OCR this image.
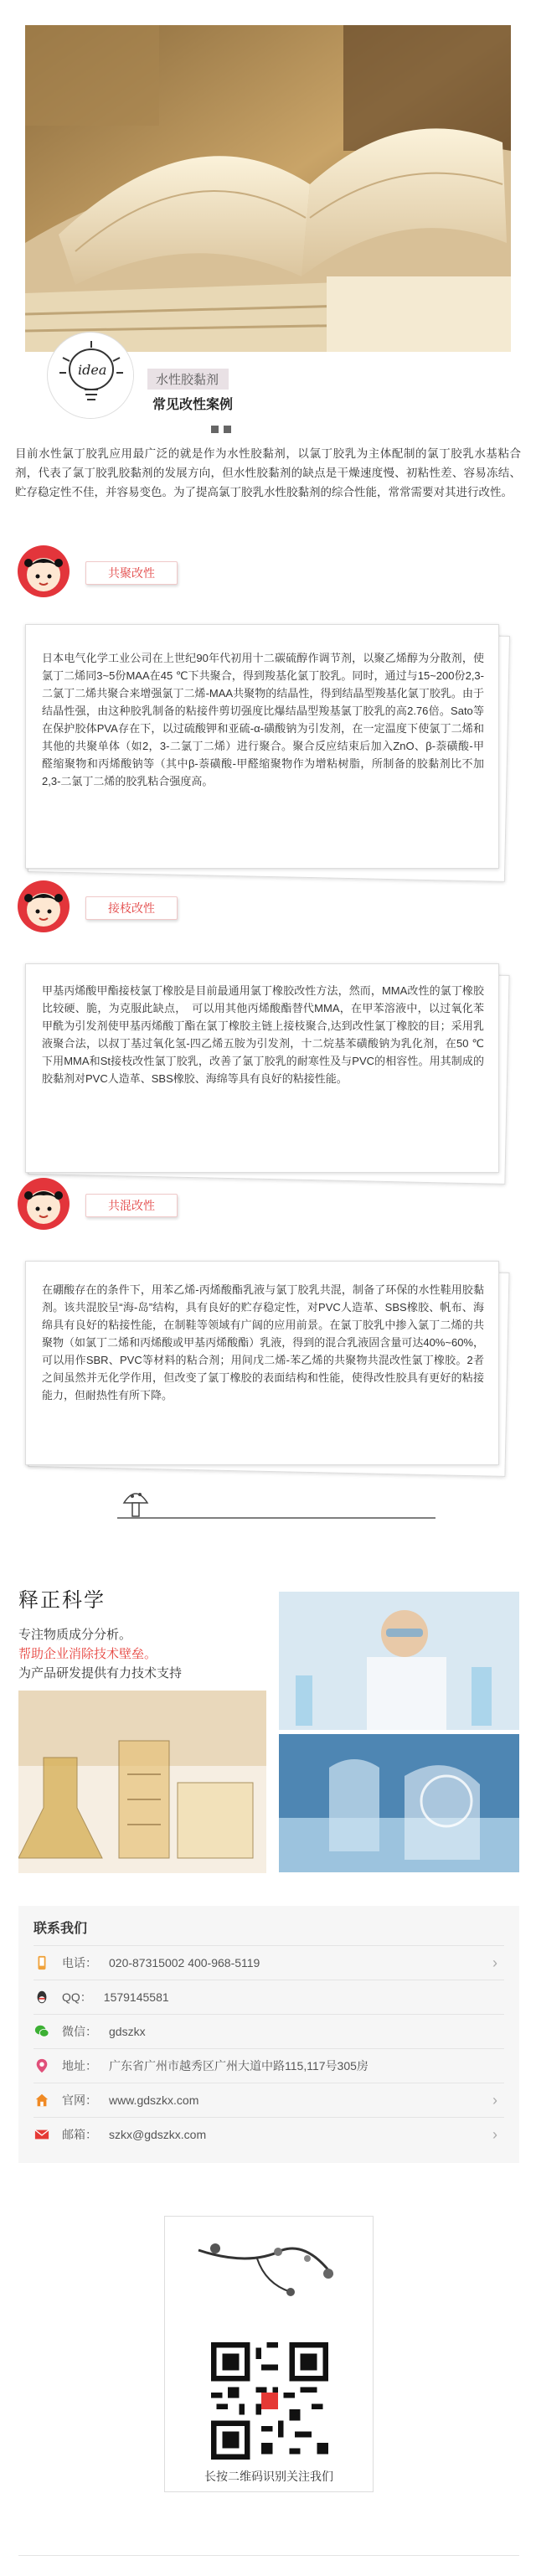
idea
水性胶黏剂
常见改性案例

目前水性氯丁胶乳应用最广泛的就是作为水性胶黏剂，以氯丁胶乳为主体配制的氯丁胶乳水基粘合剂，代表了氯丁胶乳胶黏剂的发展方向，但水性胶黏剂的缺点是干燥速度慢、初粘性差、容易冻结、贮存稳定性不佳，并容易变色。为了提高氯丁胶乳水性胶黏剂的综合性能，常常需要对其进行改性。

共聚改性

日本电气化学工业公司在上世纪90年代初用十二碳硫醇作调节剂，以聚乙烯醇为分散剂，使氯丁二烯同3~5份MAA在45 ℃下共聚合，得到羧基化氯丁胶乳。同时，通过与15~200份2,3-二氯丁二烯共聚合来增强氯丁二烯-MAA共聚物的结晶性，得到结晶型羧基化氯丁胶乳。由于结晶性强，由这种胶乳制备的粘接件剪切强度比爆结晶型羧基氯丁胶乳的高2.76倍。Sato等在保护胶体PVA存在下，以过硫酸钾和亚硫-α-磺酸钠为引发剂，在一定温度下使氯丁二烯和其他的共聚单体（如2，3-二氯丁二烯）进行聚合。聚合反应结束后加入ZnO、β-萘磺酸-甲醛缩聚物和丙烯酸钠等（其中β-萘磺酸-甲醛缩聚物作为增粘树脂，所制备的胶黏剂比不加2,3-二氯丁二烯的胶乳粘合强度高。

接枝改性

甲基丙烯酸甲酯接枝氯丁橡胶是目前最通用氯丁橡胶改性方法，然而，MMA改性的氯丁橡胶比较硬、脆，为克服此缺点，　可以用其他丙烯酸酯替代MMA，在甲苯溶液中，以过氧化苯甲酰为引发剂使甲基丙烯酸丁酯在氯丁橡胶主链上接枝聚合,达到改性氯丁橡胶的目；采用乳液聚合法，以叔丁基过氧化氢-四乙烯五胺为引发剂，十二烷基苯磺酸钠为乳化剂，在50 ℃下用MMA和St接枝改性氯丁胶乳，改善了氯丁胶乳的耐寒性及与PVC的相容性。用其制成的胶黏剂对PVC人造革、SBS橡胶、海绵等具有良好的粘接性能。

共混改性

在硼酸存在的条件下，用苯乙烯-丙烯酸酯乳液与氯丁胶乳共混，制备了环保的水性鞋用胶黏剂。该共混胶呈“海-岛”结构，具有良好的贮存稳定性，对PVC人造革、SBS橡胶、帆布、海绵具有良好的粘接性能，在制鞋等领域有广阔的应用前景。在氯丁胶乳中掺入氯丁二烯的共聚物（如氯丁二烯和丙烯酸或甲基丙烯酸酯）乳液，得到的混合乳液固含量可达40%~60%，可以用作SBR、PVC等材料的粘合剂；用间戊二烯-苯乙烯的共聚物共混改性氯丁橡胶。2者之间虽然并无化学作用，但改变了氯丁橡胶的表面结构和性能，使得改性胶具有更好的粘接能力，但耐热性有所下降。

释正科学
专注物质成分分析。
帮助企业消除技术壁垒。
为产品研发提供有力技术支持
联系我们
电话： 020-87315002 400-968-5119	›
QQ： 1579145581
微信： gdszkx
地址： 广东省广州市越秀区广州大道中路115,117号305房
官网： www.gdszkx.com	›
邮箱： szkx@gdszkx.com	›
长按二维码识别关注我们
